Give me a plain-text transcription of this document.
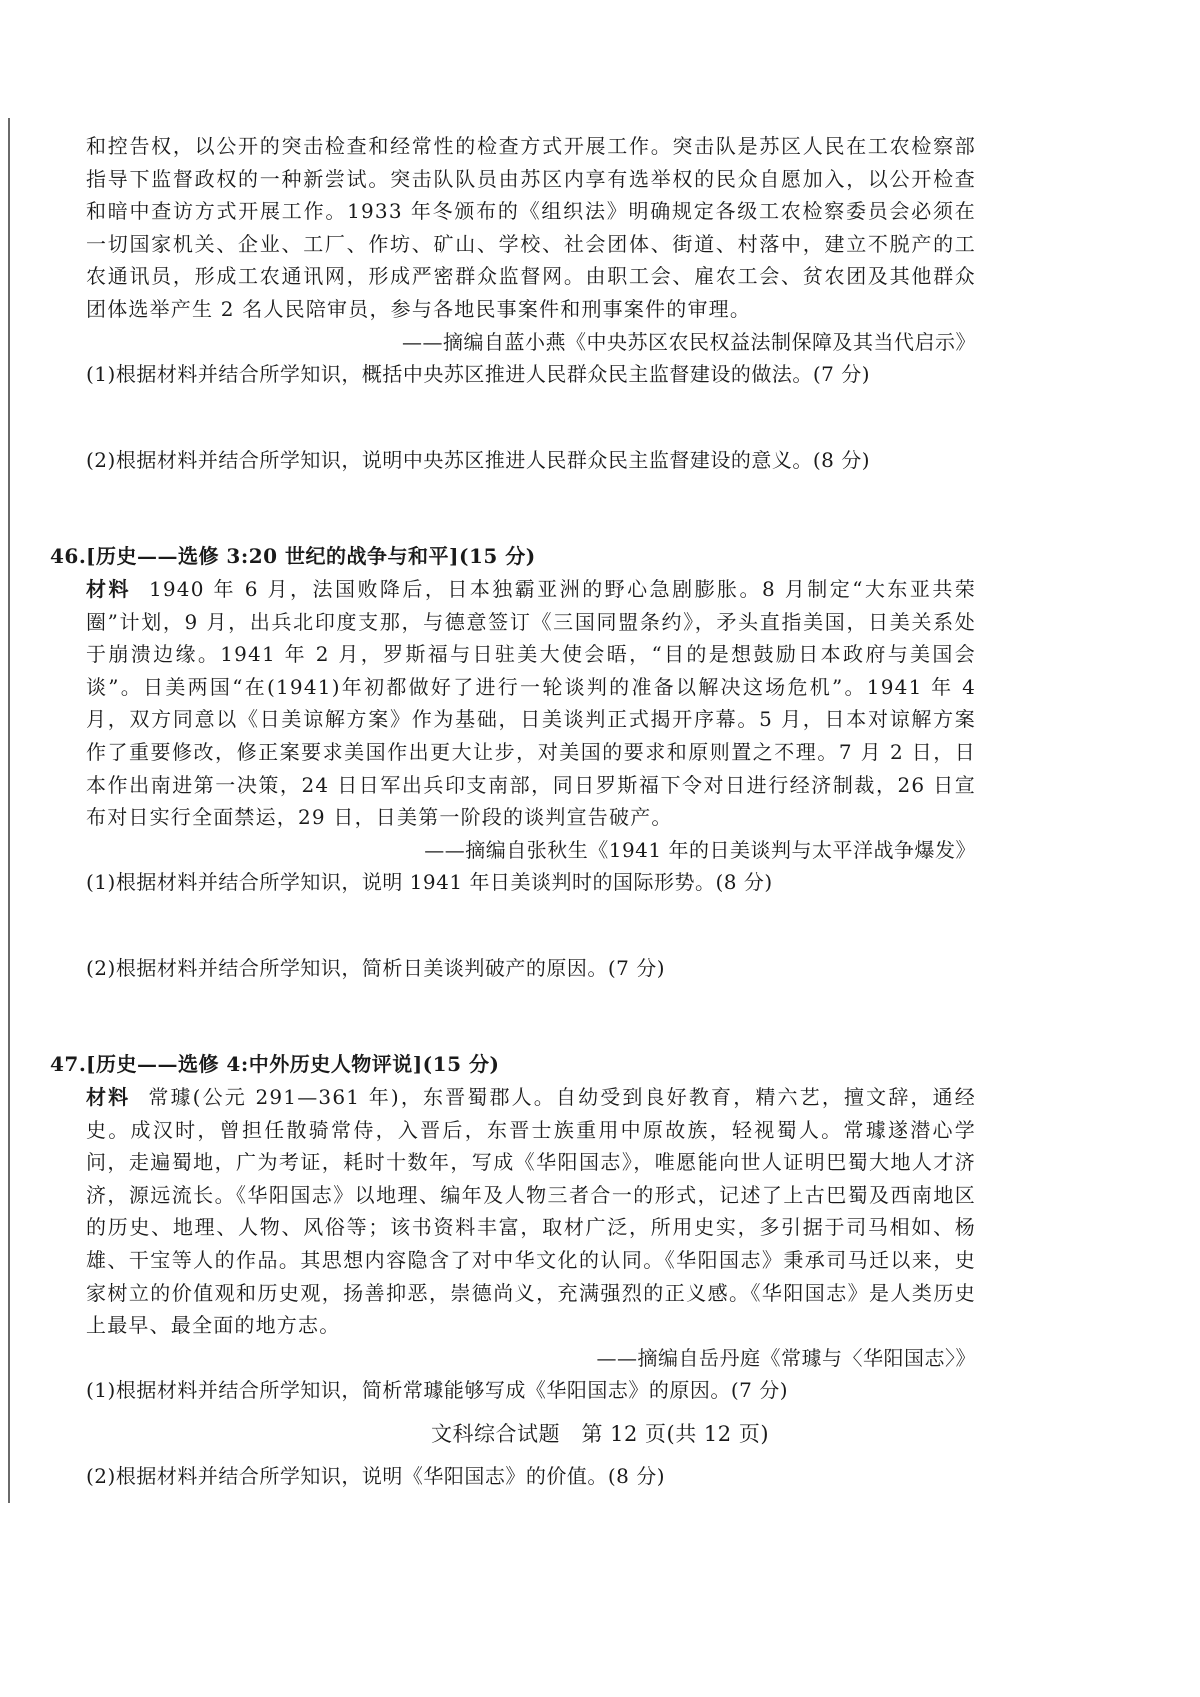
和控告权，以公开的突击检查和经常性的检查方式开展工作。突击队是苏区人民在工农检察部指导下监督政权的一种新尝试。突击队队员由苏区内享有选举权的民众自愿加入，以公开检查和暗中查访方式开展工作。1933 年冬颁布的《组织法》明确规定各级工农检察委员会必须在一切国家机关、企业、工厂、作坊、矿山、学校、社会团体、街道、村落中，建立不脱产的工农通讯员，形成工农通讯网，形成严密群众监督网。由职工会、雇农工会、贫农团及其他群众团体选举产生 2 名人民陪审员，参与各地民事案件和刑事案件的审理。

——摘编自蓝小燕《中央苏区农民权益法制保障及其当代启示》

(1)根据材料并结合所学知识，概括中央苏区推进人民群众民主监督建设的做法。(7 分)

(2)根据材料并结合所学知识，说明中央苏区推进人民群众民主监督建设的意义。(8 分)

46. [历史——选修 3:20 世纪的战争与和平](15 分)

材料 1940 年 6 月，法国败降后，日本独霸亚洲的野心急剧膨胀。8 月制定“大东亚共荣圈”计划，9 月，出兵北印度支那，与德意签订《三国同盟条约》，矛头直指美国，日美关系处于崩溃边缘。1941 年 2 月，罗斯福与日驻美大使会晤，“目的是想鼓励日本政府与美国会谈”。日美两国“在(1941)年初都做好了进行一轮谈判的准备以解决这场危机”。1941 年 4 月，双方同意以《日美谅解方案》作为基础，日美谈判正式揭开序幕。5 月，日本对谅解方案作了重要修改，修正案要求美国作出更大让步，对美国的要求和原则置之不理。7 月 2 日，日本作出南进第一决策，24 日日军出兵印支南部，同日罗斯福下令对日进行经济制裁，26 日宣布对日实行全面禁运，29 日，日美第一阶段的谈判宣告破产。

——摘编自张秋生《1941 年的日美谈判与太平洋战争爆发》

(1)根据材料并结合所学知识，说明 1941 年日美谈判时的国际形势。(8 分)

(2)根据材料并结合所学知识，简析日美谈判破产的原因。(7 分)

47. [历史——选修 4:中外历史人物评说](15 分)

材料 常璩(公元 291—361 年)，东晋蜀郡人。自幼受到良好教育，精六艺，擅文辞，通经史。成汉时，曾担任散骑常侍，入晋后，东晋士族重用中原故族，轻视蜀人。常璩遂潜心学问，走遍蜀地，广为考证，耗时十数年，写成《华阳国志》，唯愿能向世人证明巴蜀大地人才济济，源远流长。《华阳国志》以地理、编年及人物三者合一的形式，记述了上古巴蜀及西南地区的历史、地理、人物、风俗等；该书资料丰富，取材广泛，所用史实，多引据于司马相如、杨雄、干宝等人的作品。其思想内容隐含了对中华文化的认同。《华阳国志》秉承司马迁以来，史家树立的价值观和历史观，扬善抑恶，崇德尚义，充满强烈的正义感。《华阳国志》是人类历史上最早、最全面的地方志。

——摘编自岳丹庭《常璩与〈华阳国志〉》

(1)根据材料并结合所学知识，简析常璩能够写成《华阳国志》的原因。(7 分)

(2)根据材料并结合所学知识，说明《华阳国志》的价值。(8 分)

文科综合试题　第 12 页(共 12 页)
